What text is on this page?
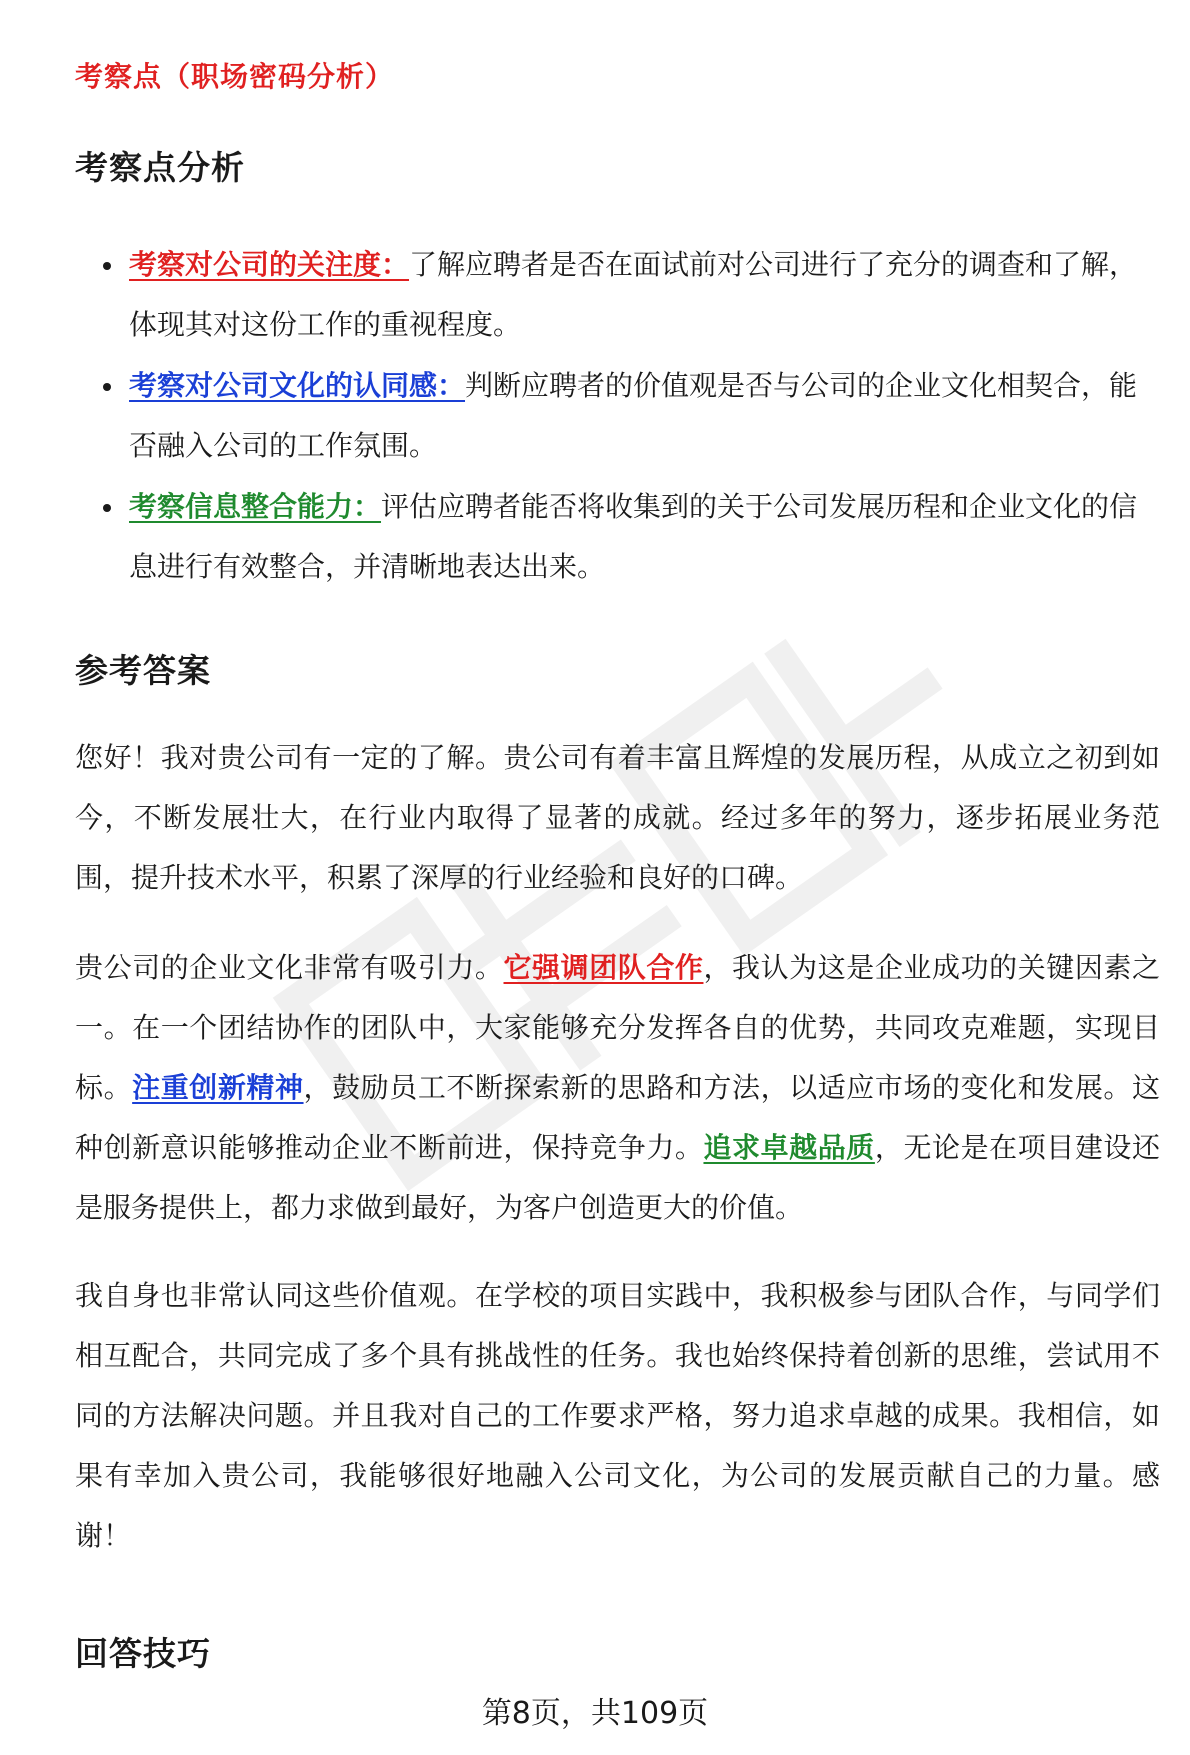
考察点（职场密码分析）
考察点分析
考察对公司的关注度：了解应聘者是否在面试前对公司进行了充分的调查和了解，体现其对这份工作的重视程度。
考察对公司文化的认同感：判断应聘者的价值观是否与公司的企业文化相契合，能否融入公司的工作氛围。
考察信息整合能力：评估应聘者能否将收集到的关于公司发展历程和企业文化的信息进行有效整合，并清晰地表达出来。
参考答案

您好！我对贵公司有一定的了解。贵公司有着丰富且辉煌的发展历程，从成立之初到如今，不断发展壮大，在行业内取得了显著的成就。经过多年的努力，逐步拓展业务范围，提升技术水平，积累了深厚的行业经验和良好的口碑。

贵公司的企业文化非常有吸引力。它强调团队合作，我认为这是企业成功的关键因素之一。在一个团结协作的团队中，大家能够充分发挥各自的优势，共同攻克难题，实现目标。注重创新精神，鼓励员工不断探索新的思路和方法，以适应市场的变化和发展。这种创新意识能够推动企业不断前进，保持竞争力。追求卓越品质，无论是在项目建设还是服务提供上，都力求做到最好，为客户创造更大的价值。

我自身也非常认同这些价值观。在学校的项目实践中，我积极参与团队合作，与同学们相互配合，共同完成了多个具有挑战性的任务。我也始终保持着创新的思维，尝试用不同的方法解决问题。并且我对自己的工作要求严格，努力追求卓越的成果。我相信，如果有幸加入贵公司，我能够很好地融入公司文化，为公司的发展贡献自己的力量。感谢！

回答技巧
第8页，共109页
